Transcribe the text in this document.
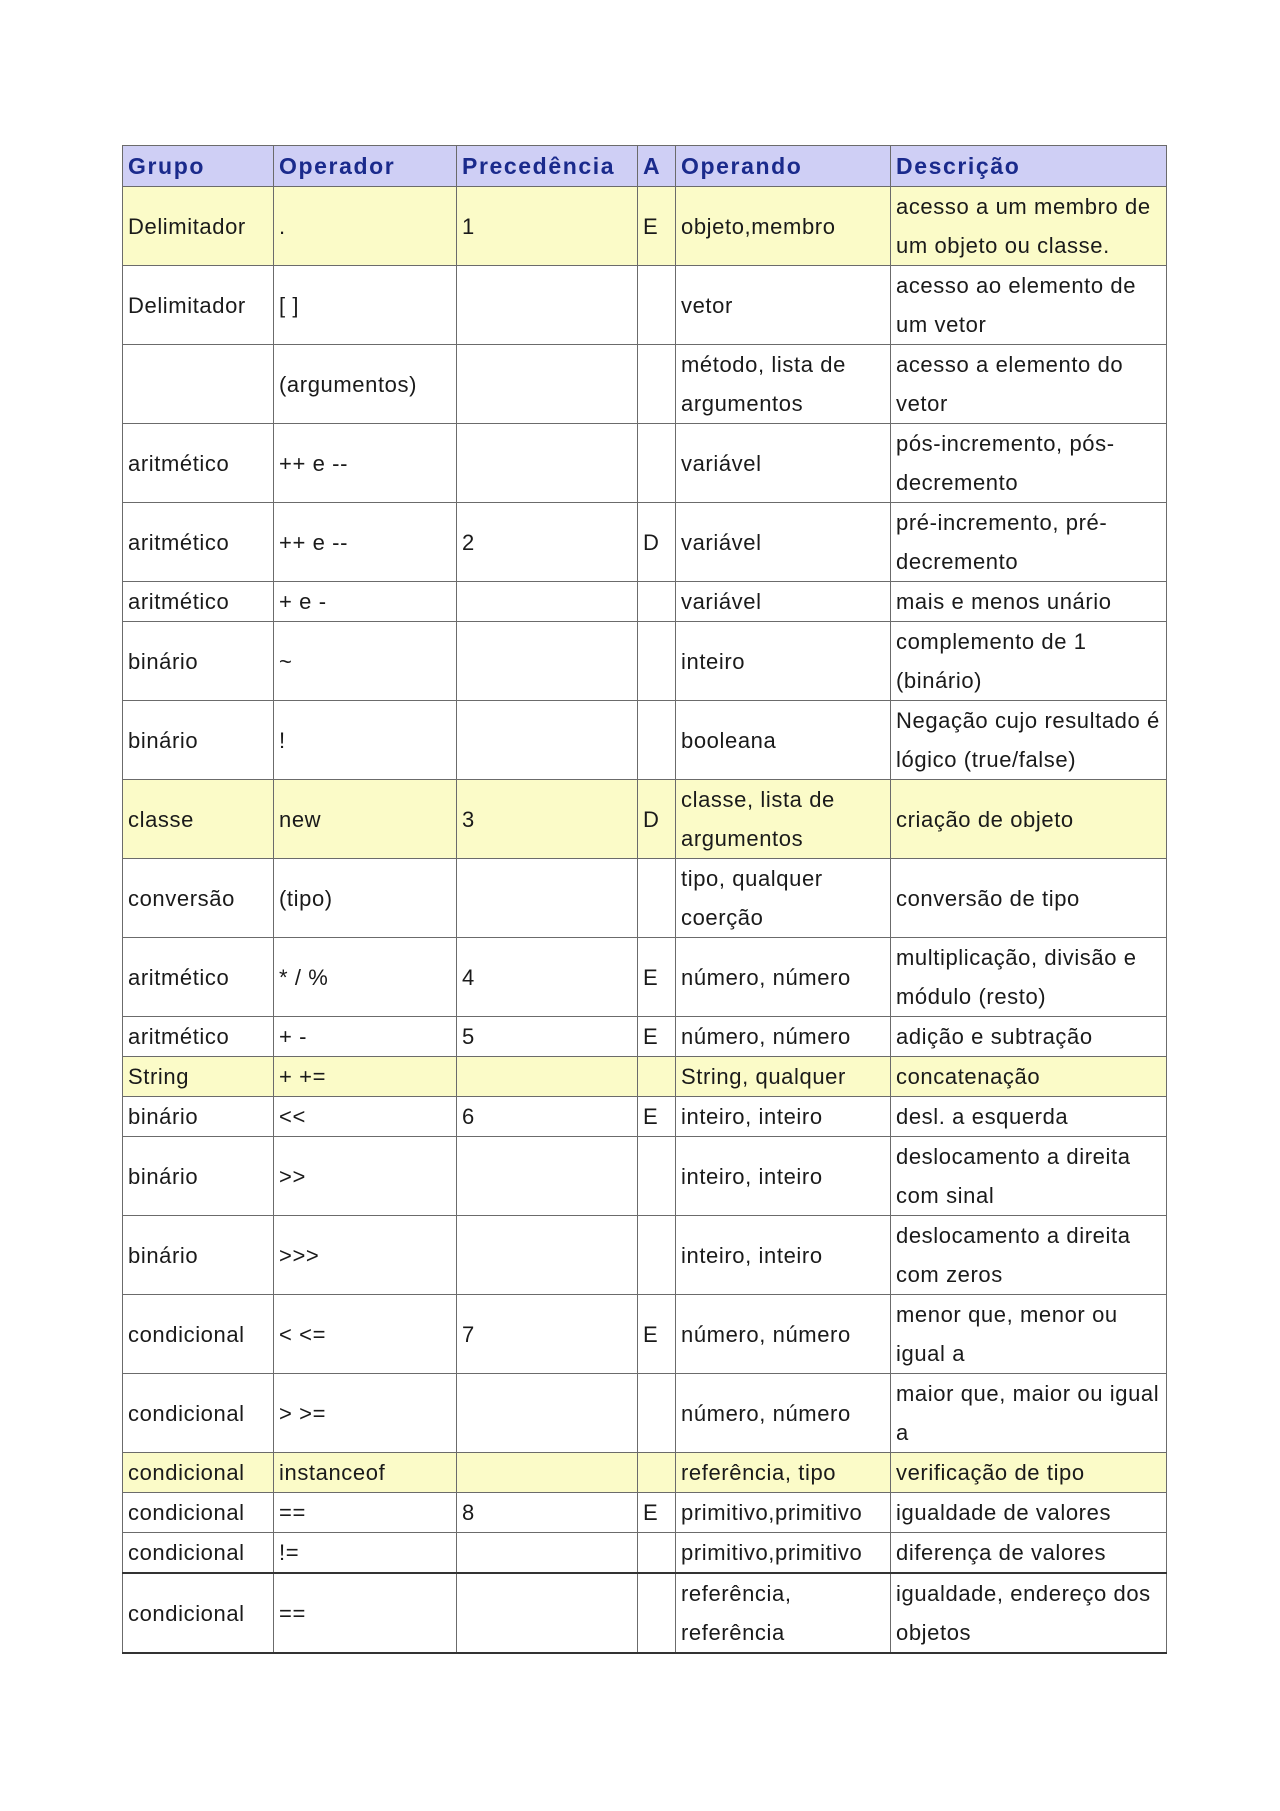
Grupo	Operador	Precedência	A	Operando	Descrição
Delimitador	.	1	E	objeto,membro	acesso a um membro de um objeto ou classe.
Delimitador	[ ]			vetor	acesso ao elemento de um vetor
	(argumentos)			método, lista de argumentos	acesso a elemento do vetor
aritmético	++ e --			variável	pós-incremento, pós-decremento
aritmético	++ e --	2	D	variável	pré-incremento, pré-decremento
aritmético	+ e -			variável	mais e menos unário
binário	~			inteiro	complemento de 1 (binário)
binário	!			booleana	Negação cujo resultado é lógico (true/false)
classe	new	3	D	classe, lista de argumentos	criação de objeto
conversão	(tipo)			tipo, qualquer coerção	conversão de tipo
aritmético	* / %	4	E	número, número	multiplicação, divisão e módulo (resto)
aritmético	+ -	5	E	número, número	adição e subtração
String	+ +=			String, qualquer	concatenação
binário	<<	6	E	inteiro, inteiro	desl. a esquerda
binário	>>			inteiro, inteiro	deslocamento a direita com sinal
binário	>>>			inteiro, inteiro	deslocamento a direita com zeros
condicional	< <=	7	E	número, número	menor que, menor ou igual a
condicional	> >=			número, número	maior que, maior ou igual a
condicional	instanceof			referência, tipo	verificação de tipo
condicional	==	8	E	primitivo,primitivo	igualdade de valores
condicional	!=			primitivo,primitivo	diferença de valores
condicional	==			referência, referência	igualdade, endereço dos objetos
